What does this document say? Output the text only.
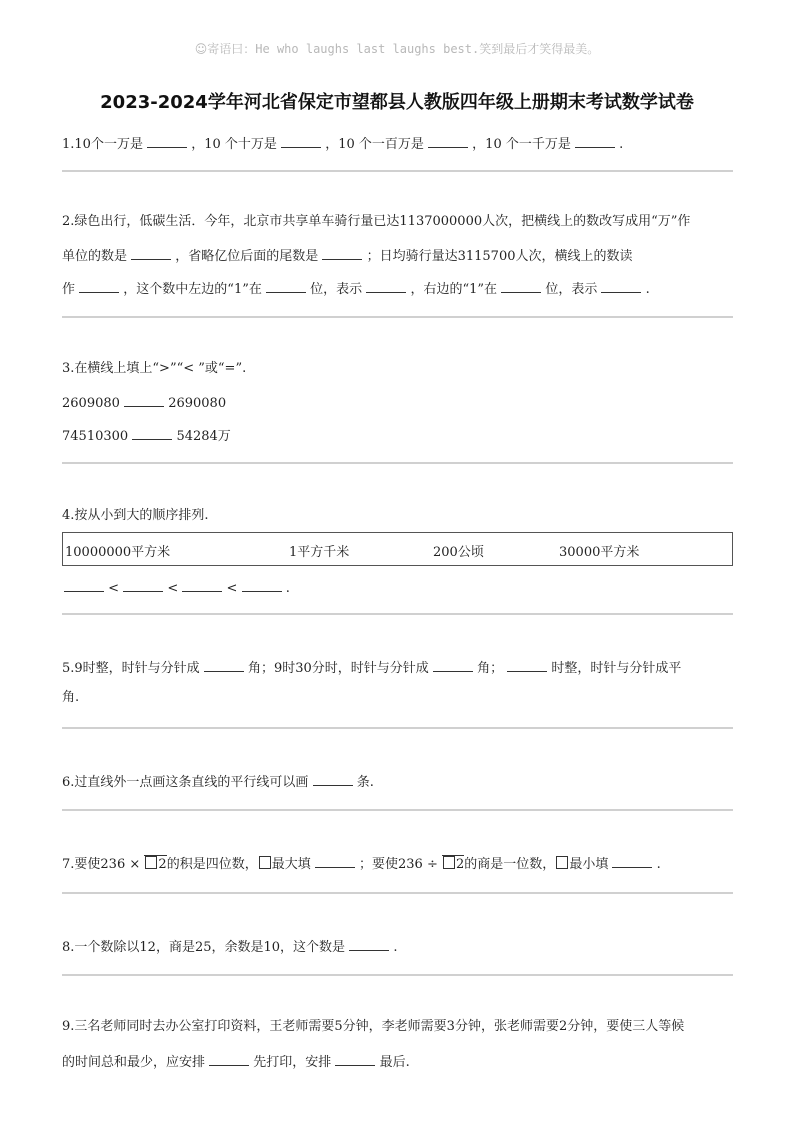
☺寄语曰：He who laughs last laughs best.笑到最后才笑得最美。
2023-2024学年河北省保定市望都县人教版四年级上册期末考试数学试卷
1.10个一万是	，10 个十万是	，10 个一百万是	，10 个一千万是	.
2.绿色出行，低碳生活．今年，北京市共享单车骑行量已达1137000000人次，把横线上的数改写成用“万”作
单位的数是	，省略亿位后面的尾数是	；日均骑行量达3115700人次，横线上的数读
作	，这个数中左边的“1”在	位，表示	，右边的“1”在	位，表示	.
3.在横线上填上“>”“< ”或“=”.
2609080	2690080
74510300	54284万
4.按从小到大的顺序排列.
10000000平方米	1平方千米	200公顷	30000平方米
<	<	<	.
5.9时整，时针与分针成	角；9时30分时，时针与分针成	角；	时整，时针与分针成平
角.
6.过直线外一点画这条直线的平行线可以画	条.
7.要使236 × 2的积是四位数， 最大填	；要使236 ÷ 2的商是一位数， 最小填	.
8.一个数除以12，商是25，余数是10，这个数是	.
9.三名老师同时去办公室打印资料，王老师需要5分钟，李老师需要3分钟，张老师需要2分钟，要使三人等候
的时间总和最少，应安排	先打印，安排	最后.
